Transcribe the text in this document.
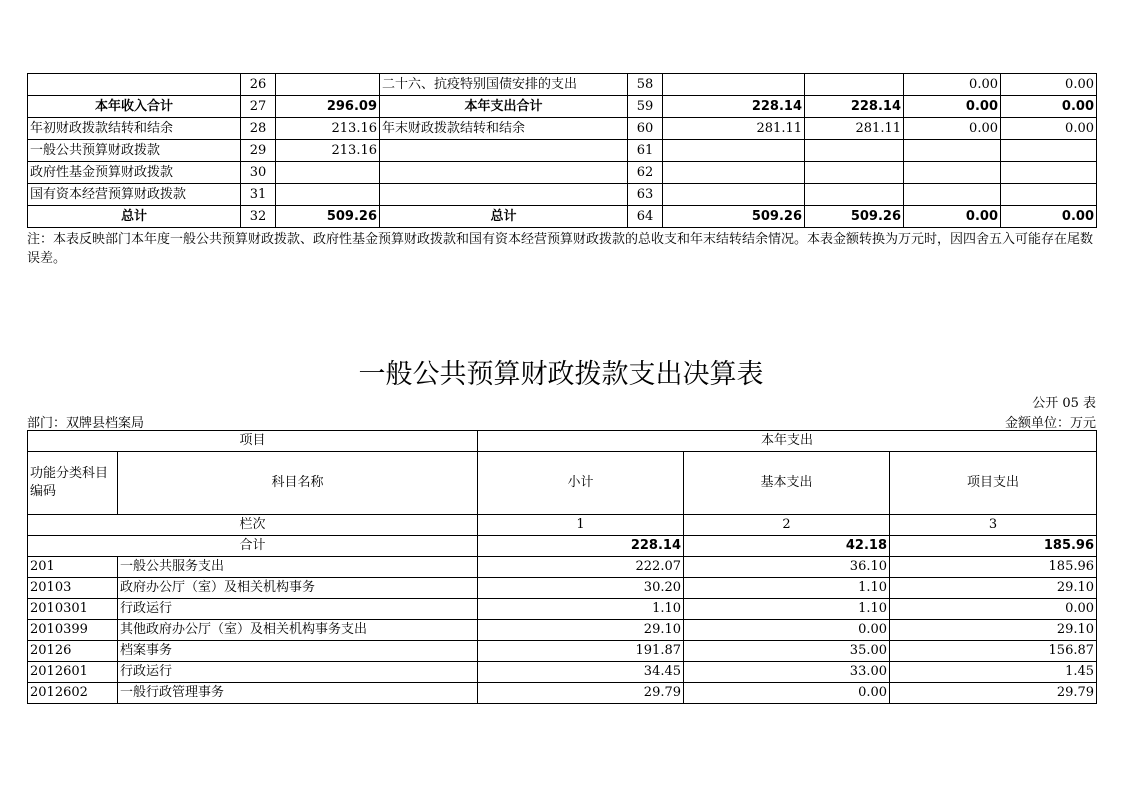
	26		二十六、抗疫特别国债安排的支出	58			0.00	0.00
本年收入合计	27	296.09	本年支出合计	59	228.14	228.14	0.00	0.00
年初财政拨款结转和结余	28	213.16	年末财政拨款结转和结余	60	281.11	281.11	0.00	0.00
一般公共预算财政拨款	29	213.16		61				
政府性基金预算财政拨款	30			62				
国有资本经营预算财政拨款	31			63				
总计	32	509.26	总计	64	509.26	509.26	0.00	0.00
注：本表反映部门本年度一般公共预算财政拨款、政府性基金预算财政拨款和国有资本经营预算财政拨款的总收支和年末结转结余情况。本表金额转换为万元时，因四舍五入可能存在尾数误差。
一般公共预算财政拨款支出决算表
公开 05 表
部门：双牌县档案局	金额单位：万元
项目		本年支出		
功能分类科目编码	科目名称	小计	基本支出	项目支出
栏次		1	2	3
合计		228.14	42.18	185.96
201	一般公共服务支出	222.07	36.10	185.96
20103	政府办公厅（室）及相关机构事务	30.20	1.10	29.10
2010301	行政运行	1.10	1.10	0.00
2010399	其他政府办公厅（室）及相关机构事务支出	29.10	0.00	29.10
20126	档案事务	191.87	35.00	156.87
2012601	行政运行	34.45	33.00	1.45
2012602	一般行政管理事务	29.79	0.00	29.79
